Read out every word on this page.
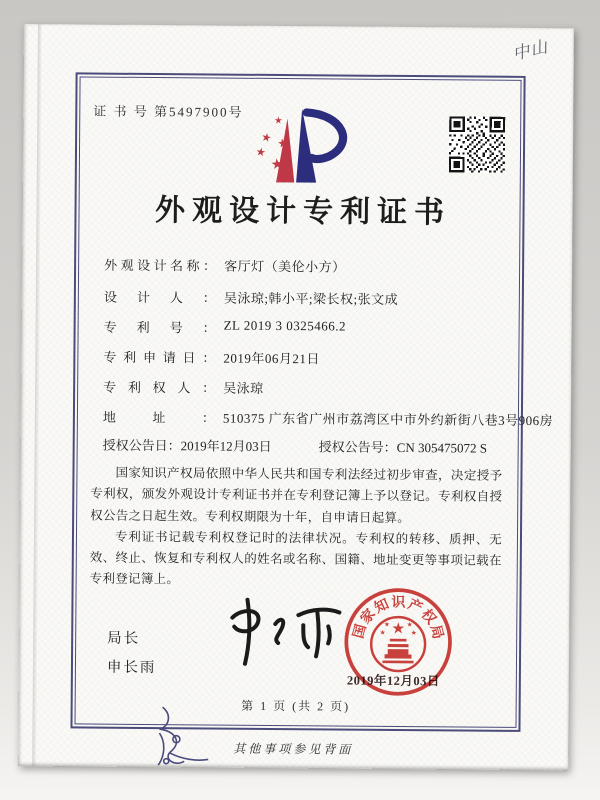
中山
证 书 号 第5497900号
外观设计专利证书
外观设计名称： 客厅灯（美伦小方）
设计人： 吴泳琼;韩小平;梁长权;张文成
专利号： ZL 2019 3 0325466.2
专利申请日： 2019年06月21日
专利权人： 吴泳琼
地址： 510375 广东省广州市荔湾区中市外约新街八巷3号906房
授权公告日：2019年12月03日	授权公告号：CN 305475072 S

国家知识产权局依照中华人民共和国专利法经过初步审查，决定授予专利权，颁发外观设计专利证书并在专利登记簿上予以登记。专利权自授权公告之日起生效。专利权期限为十年，自申请日起算。

专利证书记载专利权登记时的法律状况。专利权的转移、质押、无效、终止、恢复和专利权人的姓名或名称、国籍、地址变更等事项记载在专利登记簿上。

局长
申长雨
国
家
知 识 产
权
局
2019年12月03日
第 1 页 (共 2 页)
其他事项参见背面
